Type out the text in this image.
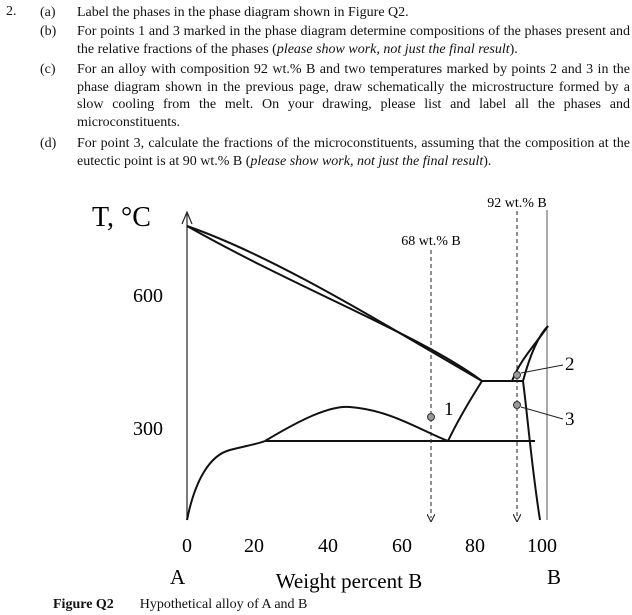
2. (a) Label the phases in the phase diagram shown in Figure Q2.
(b) For points 1 and 3 marked in the phase diagram determine compositions of the phases present and the relative fractions of the phases (please show work, not just the final result).
(c) For an alloy with composition 92 wt.% B and two temperatures marked by points 2 and 3 in the phase diagram shown in the previous page, draw schematically the microstructure formed by a slow cooling from the melt. On your drawing, please list and label all the phases and microconstituents.
(d) For point 3, calculate the fractions of the microconstituents, assuming that the composition at the eutectic point is at 90 wt.% B (please show work, not just the final result).
T, °C
600
300
0	20	40	60	80 100
A	Weight percent B	B
68 wt.% B
92 wt.% B
1
2
3
Figure Q2 Hypothetical alloy of A and B
